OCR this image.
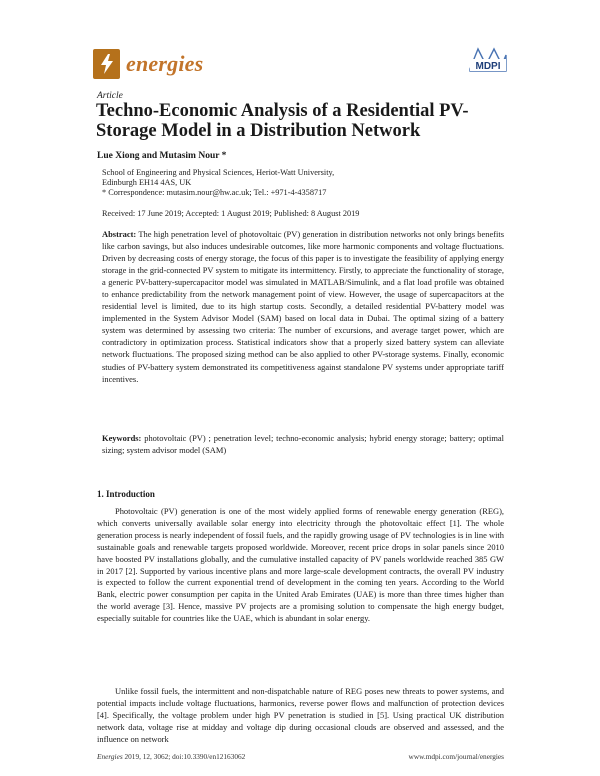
energies	MDPI
Article
Techno-Economic Analysis of a Residential PV-Storage Model in a Distribution Network
Lue Xiong and Mutasim Nour *
School of Engineering and Physical Sciences, Heriot-Watt University,
Edinburgh EH14 4AS, UK
* Correspondence: mutasim.nour@hw.ac.uk; Tel.: +971-4-4358717
Received: 17 June 2019; Accepted: 1 August 2019; Published: 8 August 2019

Abstract: The high penetration level of photovoltaic (PV) generation in distribution networks not only brings benefits like carbon savings, but also induces undesirable outcomes, like more harmonic components and voltage fluctuations. Driven by decreasing costs of energy storage, the focus of this paper is to investigate the feasibility of applying energy storage in the grid-connected PV system to mitigate its intermittency. Firstly, to appreciate the functionality of storage, a generic PV-battery-supercapacitor model was simulated in MATLAB/Simulink, and a flat load profile was obtained to enhance predictability from the network management point of view. However, the usage of supercapacitors at the residential level is limited, due to its high startup costs. Secondly, a detailed residential PV-battery model was implemented in the System Advisor Model (SAM) based on local data in Dubai. The optimal sizing of a battery system was determined by assessing two criteria: The number of excursions, and average target power, which are contradictory in optimization process. Statistical indicators show that a properly sized battery system can alleviate network fluctuations. The proposed sizing method can be also applied to other PV-storage systems. Finally, economic studies of PV-battery system demonstrated its competitiveness against standalone PV systems under appropriate tariff incentives.

Keywords: photovoltaic (PV) ; penetration level; techno-economic analysis; hybrid energy storage; battery; optimal sizing; system advisor model (SAM)

1. Introduction

Photovoltaic (PV) generation is one of the most widely applied forms of renewable energy generation (REG), which converts universally available solar energy into electricity through the photovoltaic effect [1]. The whole generation process is nearly independent of fossil fuels, and the rapidly growing usage of PV technologies is in line with sustainable goals and renewable targets proposed worldwide. Moreover, recent price drops in solar panels since 2010 have boosted PV installations globally, and the cumulative installed capacity of PV panels worldwide reached 385 GW in 2017 [2]. Supported by various incentive plans and more large-scale development contracts, the overall PV industry is expected to follow the current exponential trend of development in the coming ten years. According to the World Bank, electric power consumption per capita in the United Arab Emirates (UAE) is more than three times higher than the world average [3]. Hence, massive PV projects are a promising solution to compensate the high energy budget, especially suitable for countries like the UAE, which is abundant in solar energy.

Unlike fossil fuels, the intermittent and non-dispatchable nature of REG poses new threats to power systems, and potential impacts include voltage fluctuations, harmonics, reverse power flows and malfunction of protection devices [4]. Specifically, the voltage problem under high PV penetration is studied in [5]. Using practical UK distribution network data, voltage rise at midday and voltage dip during occasional clouds are observed and assessed, and the influence on network

Energies 2019, 12, 3062; doi:10.3390/en12163062	www.mdpi.com/journal/energies
